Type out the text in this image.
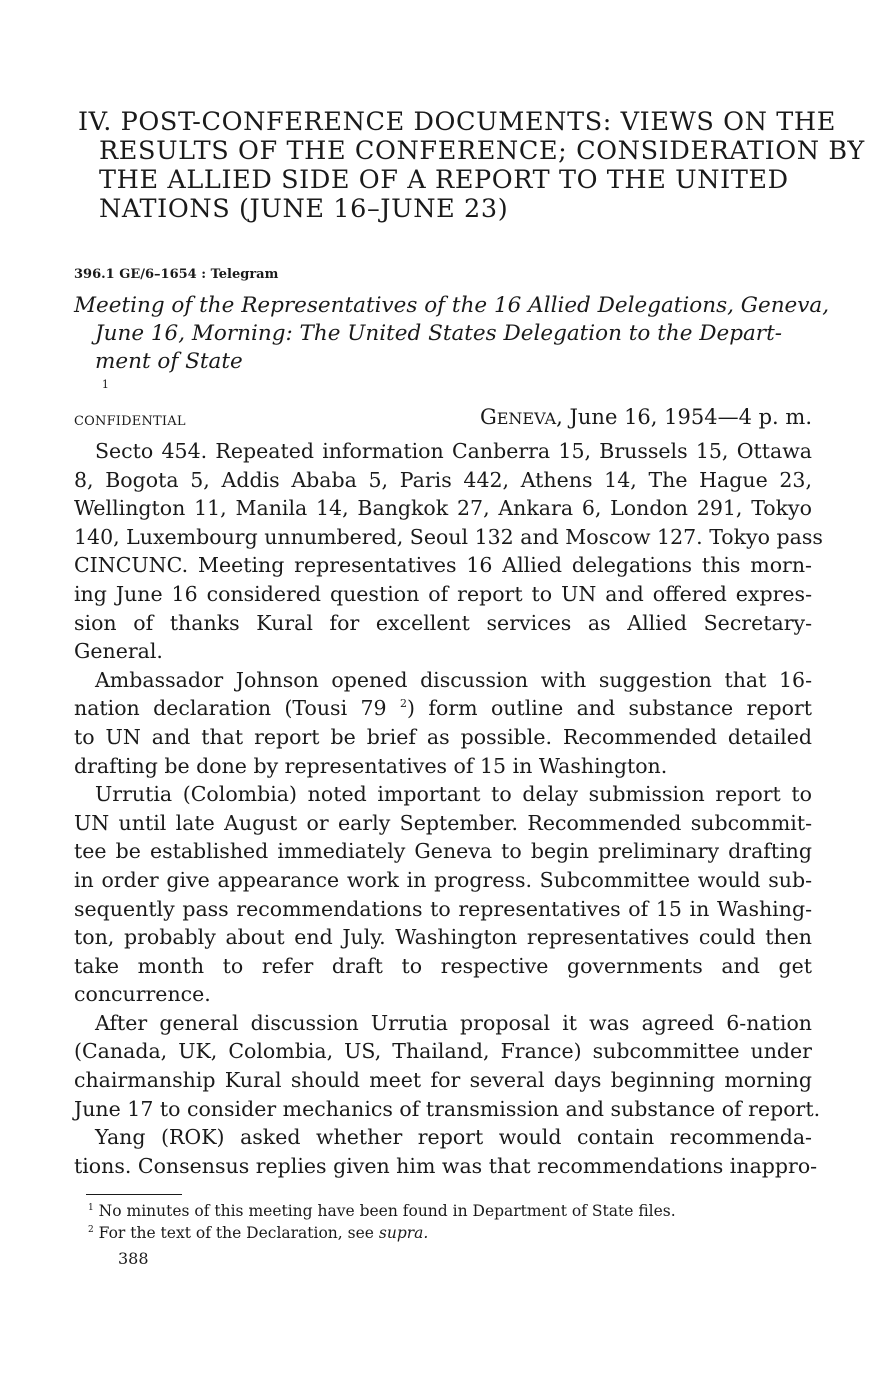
IV. POST-CONFERENCE DOCUMENTS: VIEWS ON THE
RESULTS OF THE CONFERENCE; CONSIDERATION BY
THE ALLIED SIDE OF A REPORT TO THE UNITED
NATIONS (JUNE 16–JUNE 23)
396.1 GE/6–1654 : Telegram
Meeting of the Representatives of the 16 Allied Delegations, Geneva,
June 16, Morning: The United States Delegation to the Depart-
ment of State
$^1$
CONFIDENTIAL	GENEVA, June 16, 1954—4 p. m.
Secto 454. Repeated information Canberra 15, Brussels 15, Ottawa
8, Bogota 5, Addis Ababa 5, Paris 442, Athens 14, The Hague 23,
Wellington 11, Manila 14, Bangkok 27, Ankara 6, London 291, Tokyo
140, Luxembourg unnumbered, Seoul 132 and Moscow 127. Tokyo pass
CINCUNC. Meeting representatives 16 Allied delegations this morn-
ing June 16 considered question of report to UN and offered expres-
sion of thanks Kural for excellent services as Allied Secretary-
General.
Ambassador Johnson opened discussion with suggestion that 16-
nation declaration (Tousi 79 $^2$) form outline and substance report
to UN and that report be brief as possible. Recommended detailed
drafting be done by representatives of 15 in Washington.
Urrutia (Colombia) noted important to delay submission report to
UN until late August or early September. Recommended subcommit-
tee be established immediately Geneva to begin preliminary drafting
in order give appearance work in progress. Subcommittee would sub-
sequently pass recommendations to representatives of 15 in Washing-
ton, probably about end July. Washington representatives could then
take month to refer draft to respective governments and get
concurrence.
After general discussion Urrutia proposal it was agreed 6-nation
(Canada, UK, Colombia, US, Thailand, France) subcommittee under
chairmanship Kural should meet for several days beginning morning
June 17 to consider mechanics of transmission and substance of report.
Yang (ROK) asked whether report would contain recommenda-
tions. Consensus replies given him was that recommendations inappro-
$^1$ No minutes of this meeting have been found in Department of State files.
$^2$ For the text of the Declaration, see supra.
388
